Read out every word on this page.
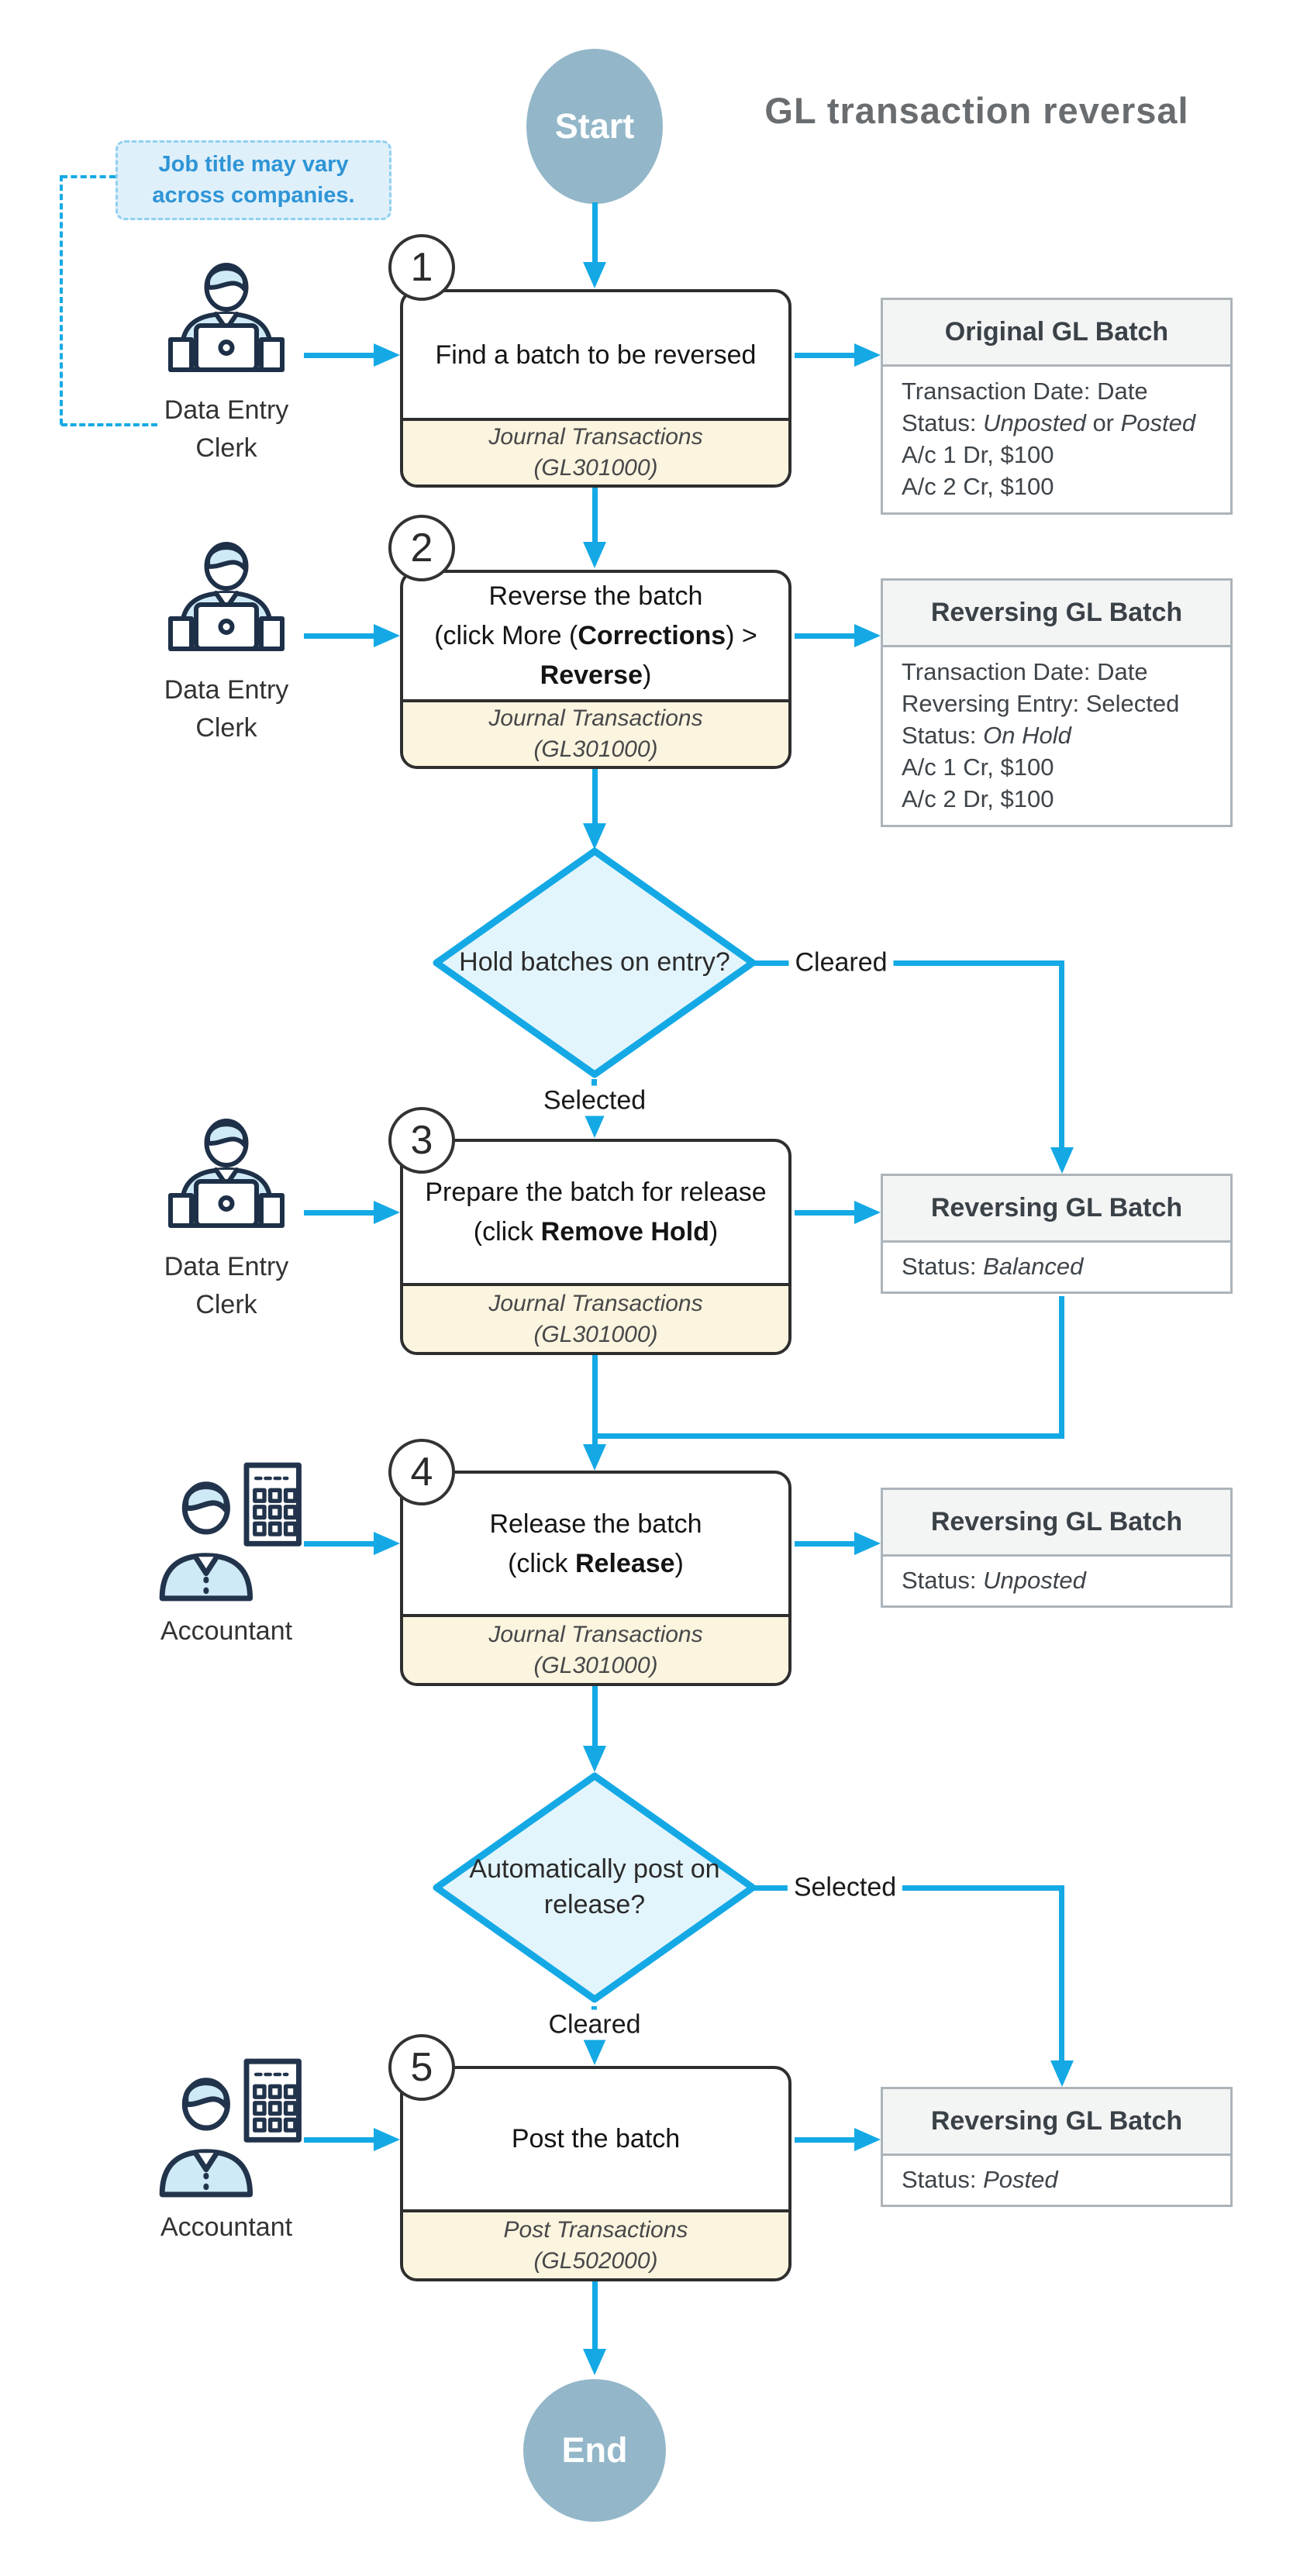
GL transaction reversal
Start
Job title may vary
across companies.
Selected
Cleared
Cleared
Selected
Data Entry
Clerk
Data Entry
Clerk
Data Entry
Clerk
Accountant
Accountant
1
2
3
4
5
Find a batch to be reversed
Journal Transactions
(GL301000)
Reverse the batch
(click More (Corrections) >
Reverse)
Journal Transactions
(GL301000)
Prepare the batch for release
(click Remove Hold)
Journal Transactions
(GL301000)
Release the batch
(click Release)
Journal Transactions
(GL301000)
Post the batch
Post Transactions
(GL502000)
Hold batches on entry?
Automatically post on
release?
Original GL Batch
Transaction Date: Date
Status: Unposted or Posted
A/c 1 Dr, $100
A/c 2 Cr, $100
Reversing GL Batch
Transaction Date: Date
Reversing Entry: Selected
Status: On Hold
A/c 1 Cr, $100
A/c 2 Dr, $100
Reversing GL Batch
Status: Balanced
Reversing GL Batch
Status: Unposted
Reversing GL Batch
Status: Posted
End
